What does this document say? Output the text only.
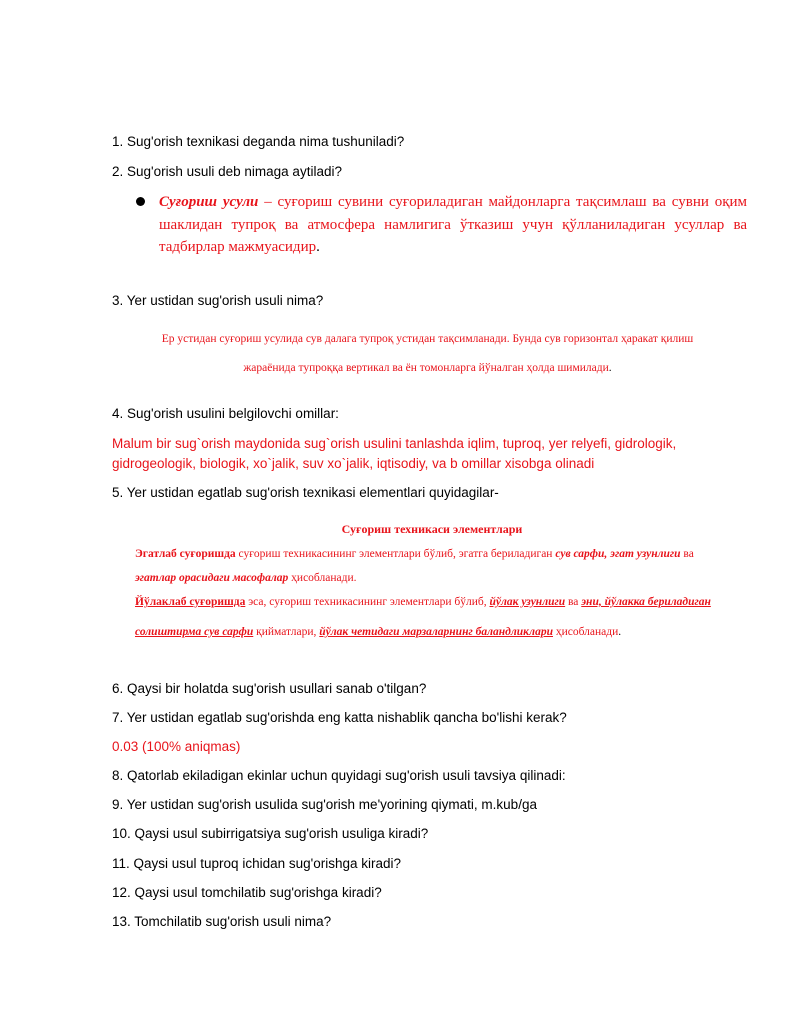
1. Sug'orish texnikasi deganda nima tushuniladi?
2. Sug'orish usuli deb nimaga aytiladi?
Суғориш усули – суғориш сувини суғориладиган майдонларга тақсимлаш ва сувни оқим шаклидан тупроқ ва атмосфера намлигига ўтказиш учун қўлланиладиган усуллар ва тадбирлар мажмуасидир.
3. Yer ustidan sug'orish usuli nima?
Ер устидан суғориш усулида сув далага тупроқ устидан тақсимланади. Бунда сув горизонтал ҳаракат қилиш
жараёнида тупроққа вертикал ва ён томонларга йўналган ҳолда шимилади.
4. Sug'orish usulini belgilovchi omillar:
Malum bir sug`orish maydonida sug`orish usulini tanlashda iqlim, tuproq, yer relyefi, gidrologik, gidrogeologik, biologik, xo`jalik, suv xo`jalik, iqtisodiy, va b omillar xisobga olinadi
5. Yer ustidan egatlab sug'orish texnikasi elementlari quyidagilar-
Суғориш техникаси элементлари
Эгатлаб суғоришда суғориш техникасининг элементлари бўлиб, эгатга бериладиган сув сарфи, эгат узунлиги ва
эгатлар орасидаги масофалар ҳисобланади.
Йўлаклаб суғоришда эса, суғориш техникасининг элементлари бўлиб, йўлак узунлиги ва эни, йўлакка бериладиган
солиштирма сув сарфи қийматлари, йўлак четидаги марзаларнинг баландликлари ҳисобланади.
6. Qaysi bir holatda sug'orish usullari sanab o'tilgan?
7. Yer ustidan egatlab sug'orishda eng katta nishablik qancha bo'lishi kerak?
0.03 (100% aniqmas)
8. Qatorlab ekiladigan ekinlar uchun quyidagi sug'orish usuli tavsiya qilinadi:
9. Yer ustidan sug'orish usulida sug'orish me'yorining qiymati, m.kub/ga
10. Qaysi usul subirrigatsiya sug'orish usuliga kiradi?
11. Qaysi usul tuproq ichidan sug'orishga kiradi?
12. Qaysi usul tomchilatib sug'orishga kiradi?
13. Tomchilatib sug'orish usuli nima?
